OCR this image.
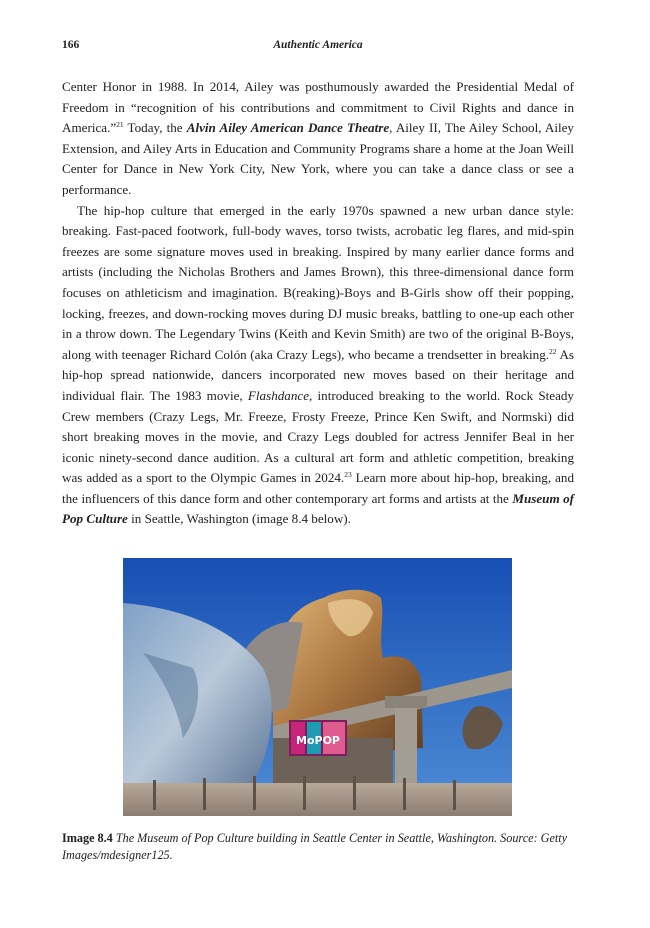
166	Authentic America

Center Honor in 1988. In 2014, Ailey was posthumously awarded the Presidential Medal of Freedom in “recognition of his contributions and commitment to Civil Rights and dance in America.”$^{21}$ Today, the Alvin Ailey American Dance Theatre, Ailey II, The Ailey School, Ailey Extension, and Ailey Arts in Education and Community Programs share a home at the Joan Weill Center for Dance in New York City, New York, where you can take a dance class or see a performance.

The hip-hop culture that emerged in the early 1970s spawned a new urban dance style: breaking. Fast-paced footwork, full-body waves, torso twists, acrobatic leg flares, and mid-spin freezes are some signature moves used in breaking. Inspired by many earlier dance forms and artists (including the Nicholas Brothers and James Brown), this three-dimensional dance form focuses on athleticism and imagination. B(reaking)-Boys and B-Girls show off their popping, locking, freezes, and down-rocking moves during DJ music breaks, battling to one-up each other in a throw down. The Legendary Twins (Keith and Kevin Smith) are two of the original B-Boys, along with teenager Richard Colón (aka Crazy Legs), who became a trendsetter in breaking.$^{22}$ As hip-hop spread nationwide, dancers incorporated new moves based on their heritage and individual flair. The 1983 movie, Flashdance, introduced breaking to the world. Rock Steady Crew members (Crazy Legs, Mr. Freeze, Frosty Freeze, Prince Ken Swift, and Normski) did short breaking moves in the movie, and Crazy Legs doubled for actress Jennifer Beal in her iconic ninety-second dance audition. As a cultural art form and athletic competition, breaking was added as a sport to the Olympic Games in 2024.23 Learn more about hip-hop, breaking, and the influencers of this dance form and other contemporary art forms and artists at the Museum of Pop Culture in Seattle, Washington (image 8.4 below).

MoPOP
Image 8.4 The Museum of Pop Culture building in Seattle Center in Seattle, Washington. Source: Getty Images/mdesigner125.
